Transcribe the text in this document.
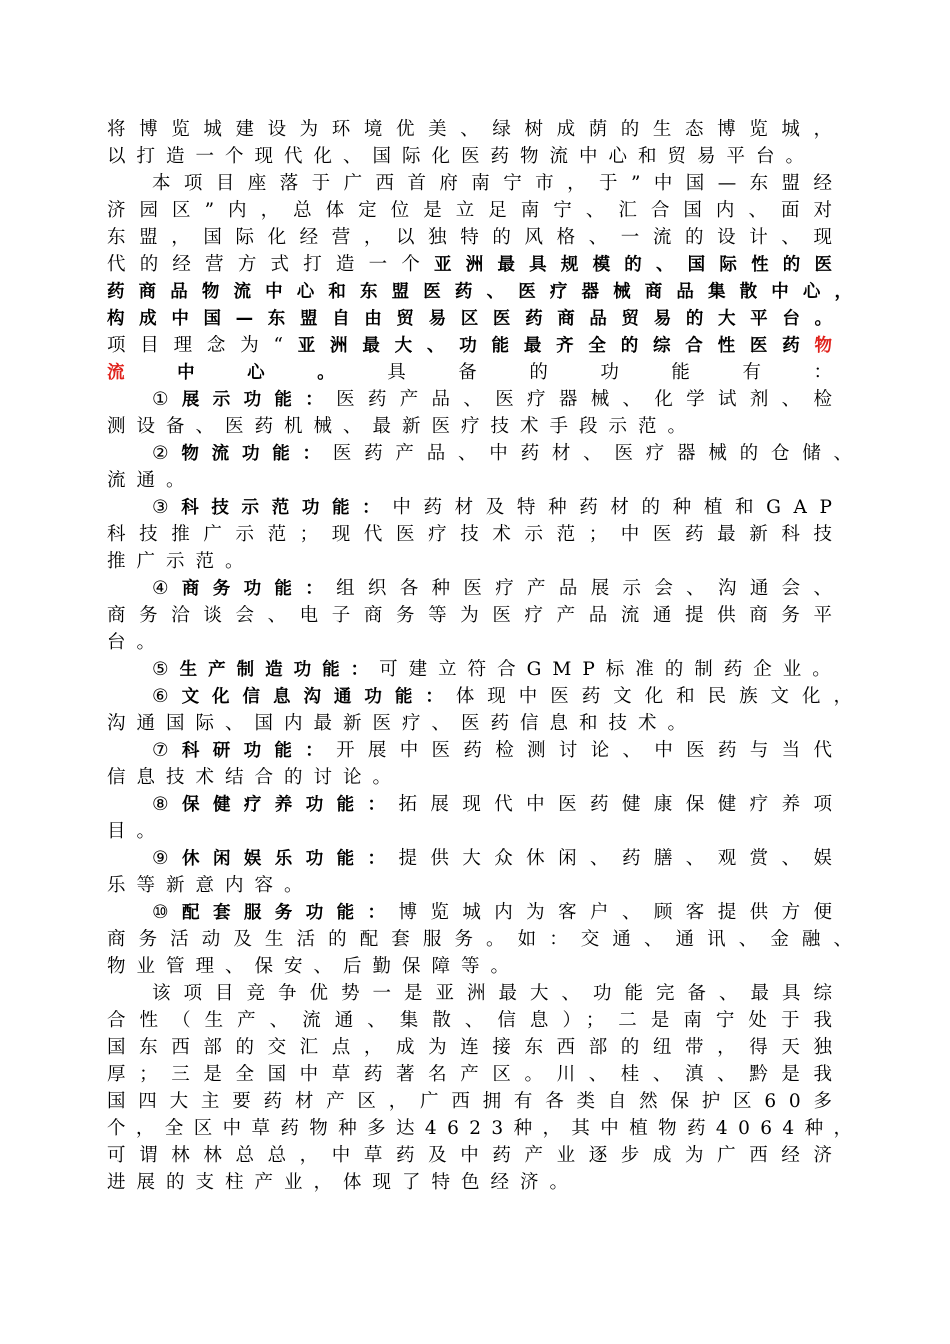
将博览城建设为环境优美、绿树成荫的生态博览城，
以打造一个现代化、国际化医药物流中心和贸易平台。
本项目座落于广西首府南宁市，于”中国—东盟经
济园区”内，总体定位是立足南宁、汇合国内、面对
东盟，国际化经营，以独特的风格、一流的设计、现
代的经营方式打造一个亚洲最具规模的、国际性的医
药商品物流中心和东盟医药、医疗器械商品集散中心，
构成中国—东盟自由贸易区医药商品贸易的大平台。
项目理念为“亚洲最大、功能最齐全的综合性医药物
流中心。具备的功能有：
①展示功能：医药产品、医疗器械、化学试剂、检
测设备、医药机械、最新医疗技术手段示范。
②物流功能：医药产品、中药材、医疗器械的仓储、
流通。
③科技示范功能：中药材及特种药材的种植和GAP
科技推广示范；现代医疗技术示范；中医药最新科技
推广示范。
④商务功能：组织各种医疗产品展示会、沟通会、
商务洽谈会、电子商务等为医疗产品流通提供商务平
台。
⑤生产制造功能：可建立符合GMP标准的制药企业。
⑥文化信息沟通功能：体现中医药文化和民族文化，
沟通国际、国内最新医疗、医药信息和技术。
⑦科研功能：开展中医药检测讨论、中医药与当代
信息技术结合的讨论。
⑧保健疗养功能：拓展现代中医药健康保健疗养项
目。
⑨休闲娱乐功能：提供大众休闲、药膳、观赏、娱
乐等新意内容。
⑩配套服务功能：博览城内为客户、顾客提供方便
商务活动及生活的配套服务。如：交通、通讯、金融、
物业管理、保安、后勤保障等。
该项目竞争优势一是亚洲最大、功能完备、最具综
合性（生产、流通、集散、信息）；二是南宁处于我
国东西部的交汇点，成为连接东西部的纽带，得天独
厚；三是全国中草药著名产区。川、桂、滇、黔是我
国四大主要药材产区，广西拥有各类自然保护区60多
个，全区中草药物种多达4623种，其中植物药4064种，
可谓林林总总，中草药及中药产业逐步成为广西经济
进展的支柱产业，体现了特色经济。
